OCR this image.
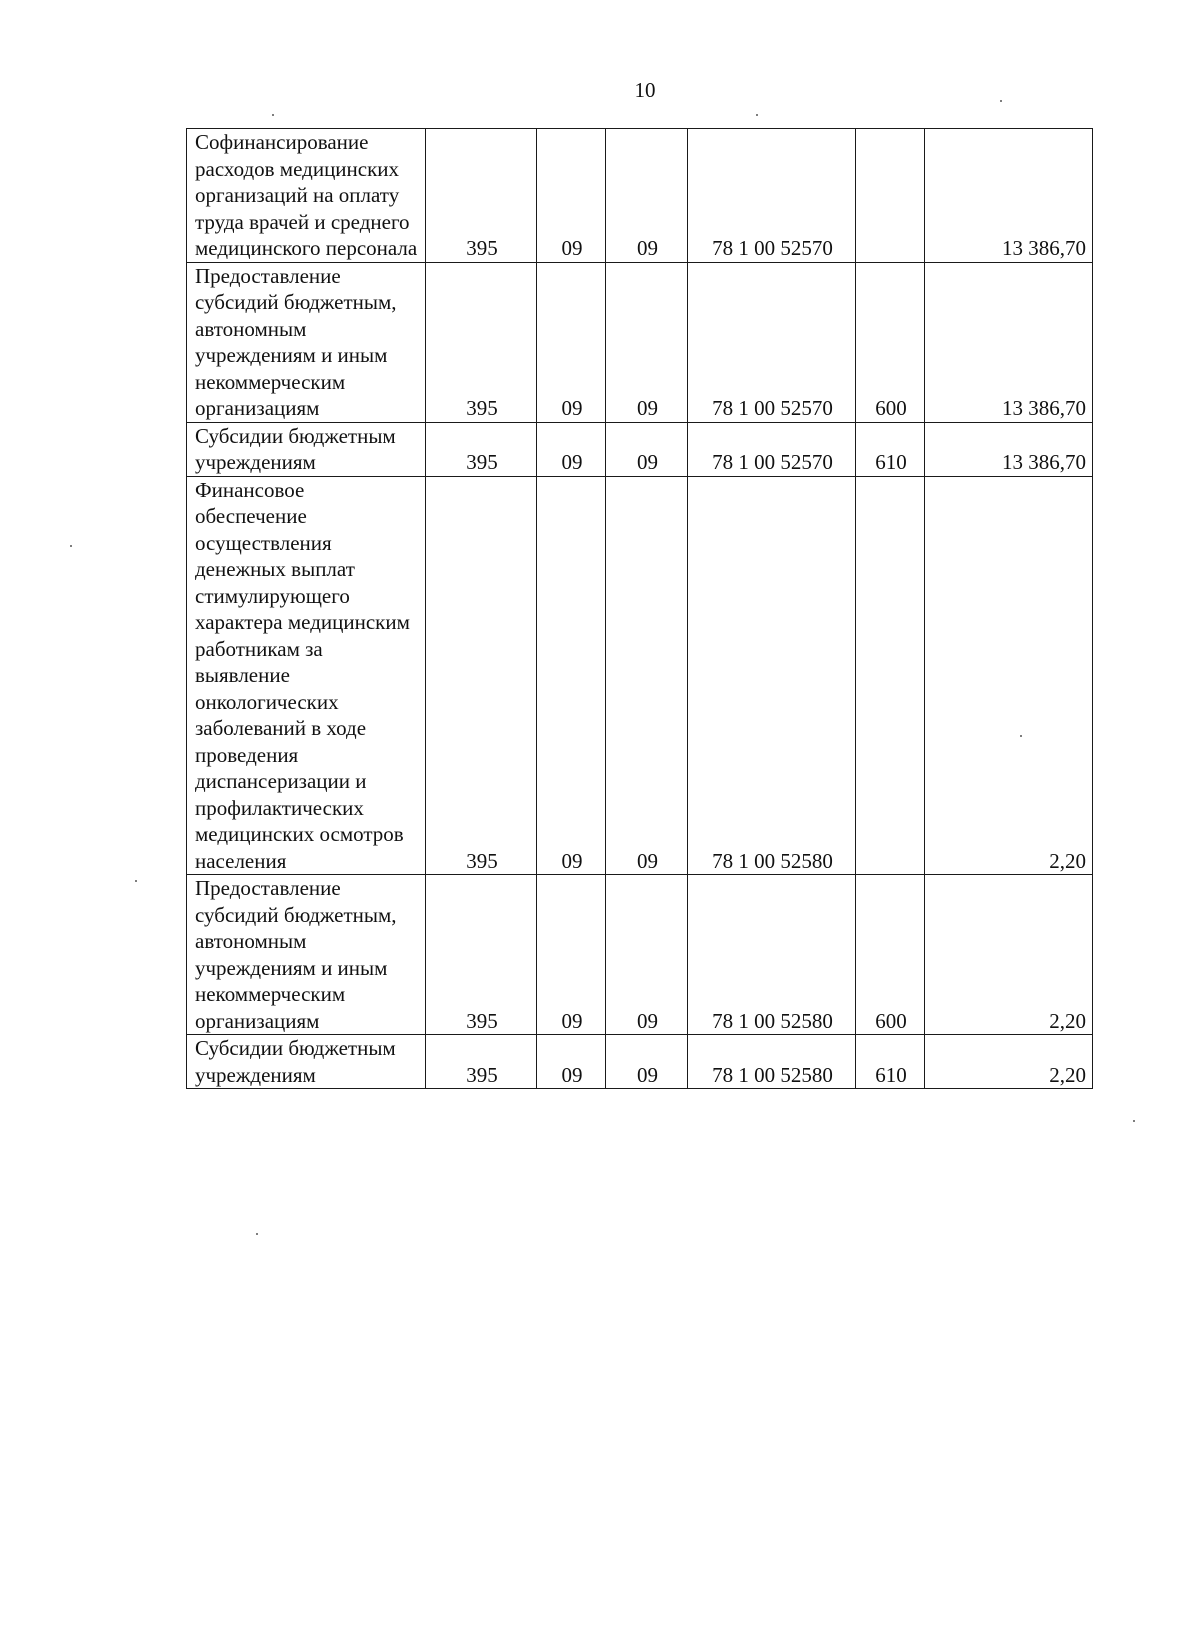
10
Софинансирование расходов медицинских организаций на оплату труда врачей и среднего медицинского персонала	395	09	09	78 1 00 52570		13 386,70
Предоставление субсидий бюджетным, автономным учреждениям и иным некоммерческим организациям	395	09	09	78 1 00 52570	600	13 386,70
Субсидии бюджетным учреждениям	395	09	09	78 1 00 52570	610	13 386,70
Финансовое обеспечение осуществления денежных выплат стимулирующего характера медицинским работникам за выявление онкологических заболеваний в ходе проведения диспансеризации и профилактических медицинских осмотров населения	395	09	09	78 1 00 52580		2,20
Предоставление субсидий бюджетным, автономным учреждениям и иным некоммерческим организациям	395	09	09	78 1 00 52580	600	2,20
Субсидии бюджетным учреждениям	395	09	09	78 1 00 52580	610	2,20
